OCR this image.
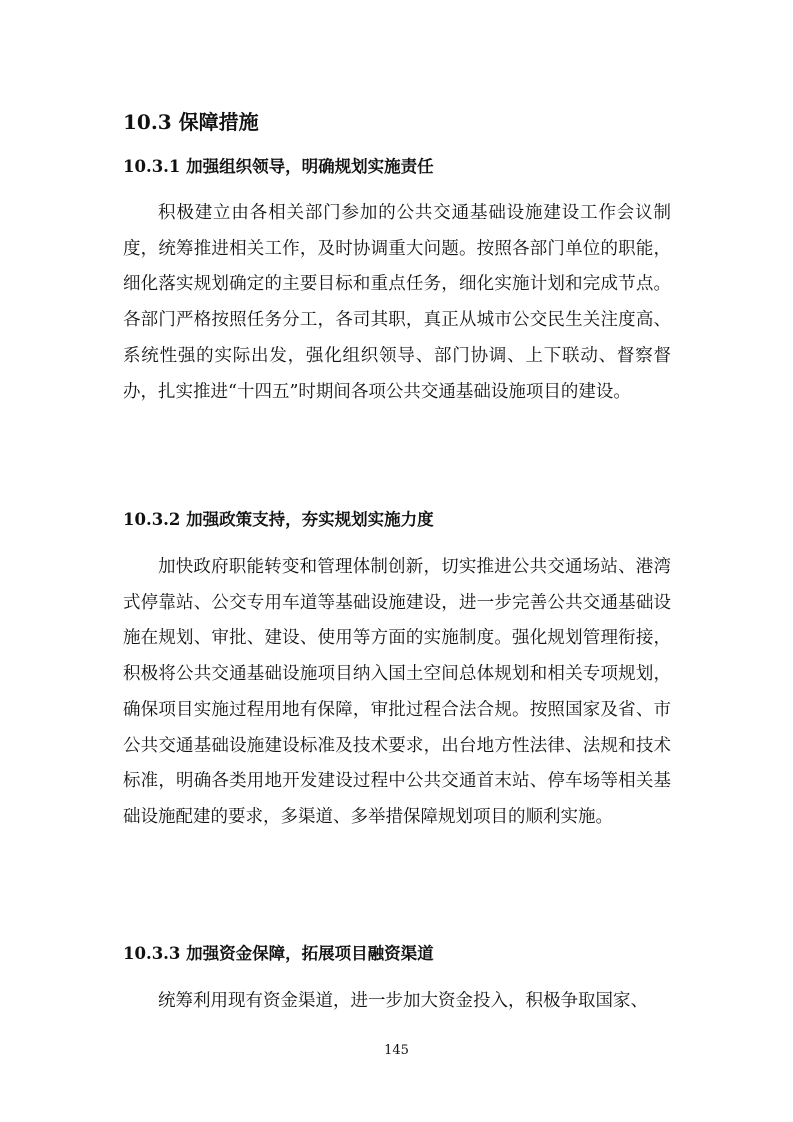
10.3 保障措施
10.3.1 加强组织领导，明确规划实施责任

积极建立由各相关部门参加的公共交通基础设施建设工作会议制度，统筹推进相关工作，及时协调重大问题。按照各部门单位的职能，细化落实规划确定的主要目标和重点任务，细化实施计划和完成节点。各部门严格按照任务分工，各司其职，真正从城市公交民生关注度高、系统性强的实际出发，强化组织领导、部门协调、上下联动、督察督办，扎实推进“十四五”时期间各项公共交通基础设施项目的建设。

10.3.2 加强政策支持，夯实规划实施力度

加快政府职能转变和管理体制创新，切实推进公共交通场站、港湾式停靠站、公交专用车道等基础设施建设，进一步完善公共交通基础设施在规划、审批、建设、使用等方面的实施制度。强化规划管理衔接，积极将公共交通基础设施项目纳入国土空间总体规划和相关专项规划，确保项目实施过程用地有保障，审批过程合法合规。按照国家及省、市公共交通基础设施建设标准及技术要求，出台地方性法律、法规和技术标准，明确各类用地开发建设过程中公共交通首末站、停车场等相关基础设施配建的要求，多渠道、多举措保障规划项目的顺利实施。

10.3.3 加强资金保障，拓展项目融资渠道

统筹利用现有资金渠道，进一步加大资金投入，积极争取国家、

145
